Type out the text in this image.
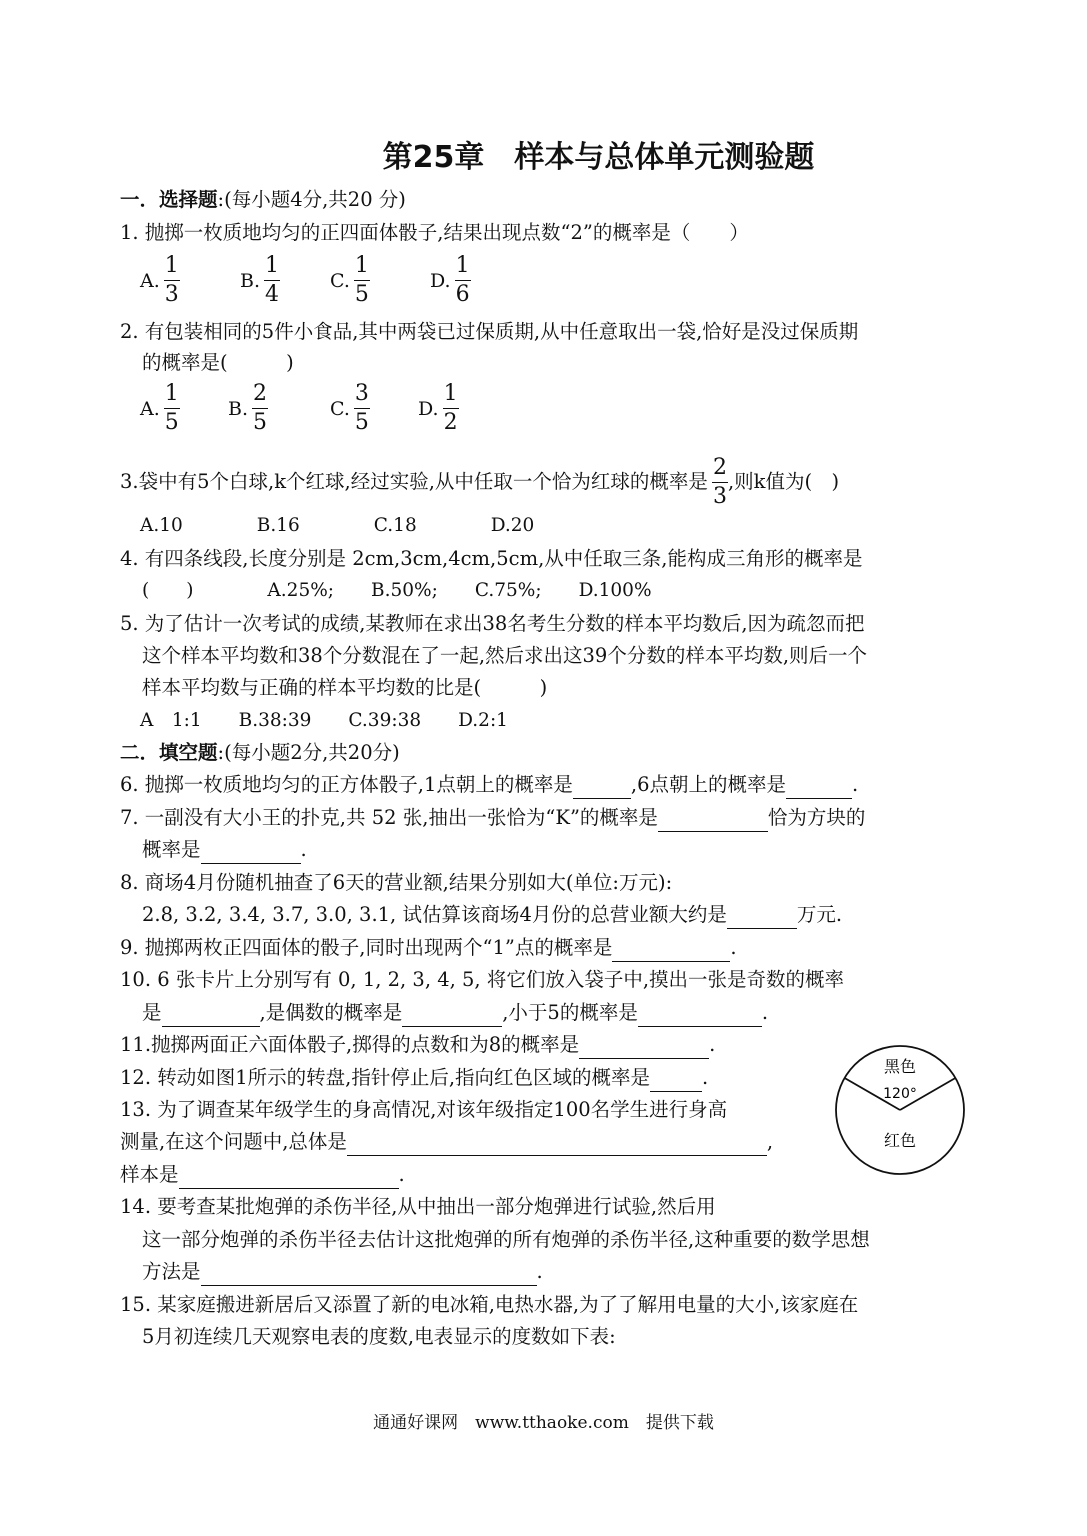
第25章　样本与总体单元测验题
一．选择题:(每小题4分,共20 分)
1. 抛掷一枚质地均匀的正四面体骰子,结果出现点数“2”的概率是（　　）
A. $\frac{1}{3}$	B. $\frac{1}{4}$	C. $\frac{1}{5}$	D. $\frac{1}{6}$
2. 有包装相同的5件小食品,其中两袋已过保质期,从中任意取出一袋,恰好是没过保质期
的概率是(　　　)
A. $\frac{1}{5}$	B. $\frac{2}{5}$	C. $\frac{3}{5}$	D. $\frac{1}{2}$
3.袋中有5个白球,k个红球,经过实验,从中任取一个恰为红球的概率是 $\frac{2}{3}$ ,则k值为(　)
A.10　　　　B.16　　　　C.18　　　　D.20
4. 有四条线段,长度分别是 2cm,3cm,4cm,5cm,从中任取三条,能构成三角形的概率是
(　　)　　　　A.25%;　　B.50%;　　C.75%;　　D.100%
5. 为了估计一次考试的成绩,某教师在求出38名考生分数的样本平均数后,因为疏忽而把
这个样本平均数和38个分数混在了一起,然后求出这39个分数的样本平均数,则后一个
样本平均数与正确的样本平均数的比是(　　　)
A　1:1　　B.38:39　　C.39:38　　D.2:1
二．填空题:(每小题2分,共20分)
6. 抛掷一枚质地均匀的正方体骰子,1点朝上的概率是	,6点朝上的概率是	.
7. 一副没有大小王的扑克,共 52 张,抽出一张恰为“K”的概率是	恰为方块的
概率是	.
8. 商场4月份随机抽查了6天的营业额,结果分别如大(单位:万元):
2.8, 3.2, 3.4, 3.7, 3.0, 3.1, 试估算该商场4月份的总营业额大约是	万元.
9. 抛掷两枚正四面体的骰子,同时出现两个“1”点的概率是	.
10. 6 张卡片上分别写有 0, 1, 2, 3, 4, 5, 将它们放入袋子中,摸出一张是奇数的概率
是	,是偶数的概率是	,小于5的概率是	.
11.抛掷两面正六面体骰子,掷得的点数和为8的概率是	.
12. 转动如图1所示的转盘,指针停止后,指向红色区域的概率是	.
13. 为了调查某年级学生的身高情况,对该年级指定100名学生进行身高
测量,在这个问题中,总体是	,
样本是	.
黑色
120°
红色
14. 要考查某批炮弹的杀伤半径,从中抽出一部分炮弹进行试验,然后用
这一部分炮弹的杀伤半径去估计这批炮弹的所有炮弹的杀伤半径,这种重要的数学思想
方法是	.
15. 某家庭搬进新居后又添置了新的电冰箱,电热水器,为了了解用电量的大小,该家庭在
5月初连续几天观察电表的度数,电表显示的度数如下表:
通通好课网　www.tthaoke.com　提供下载
